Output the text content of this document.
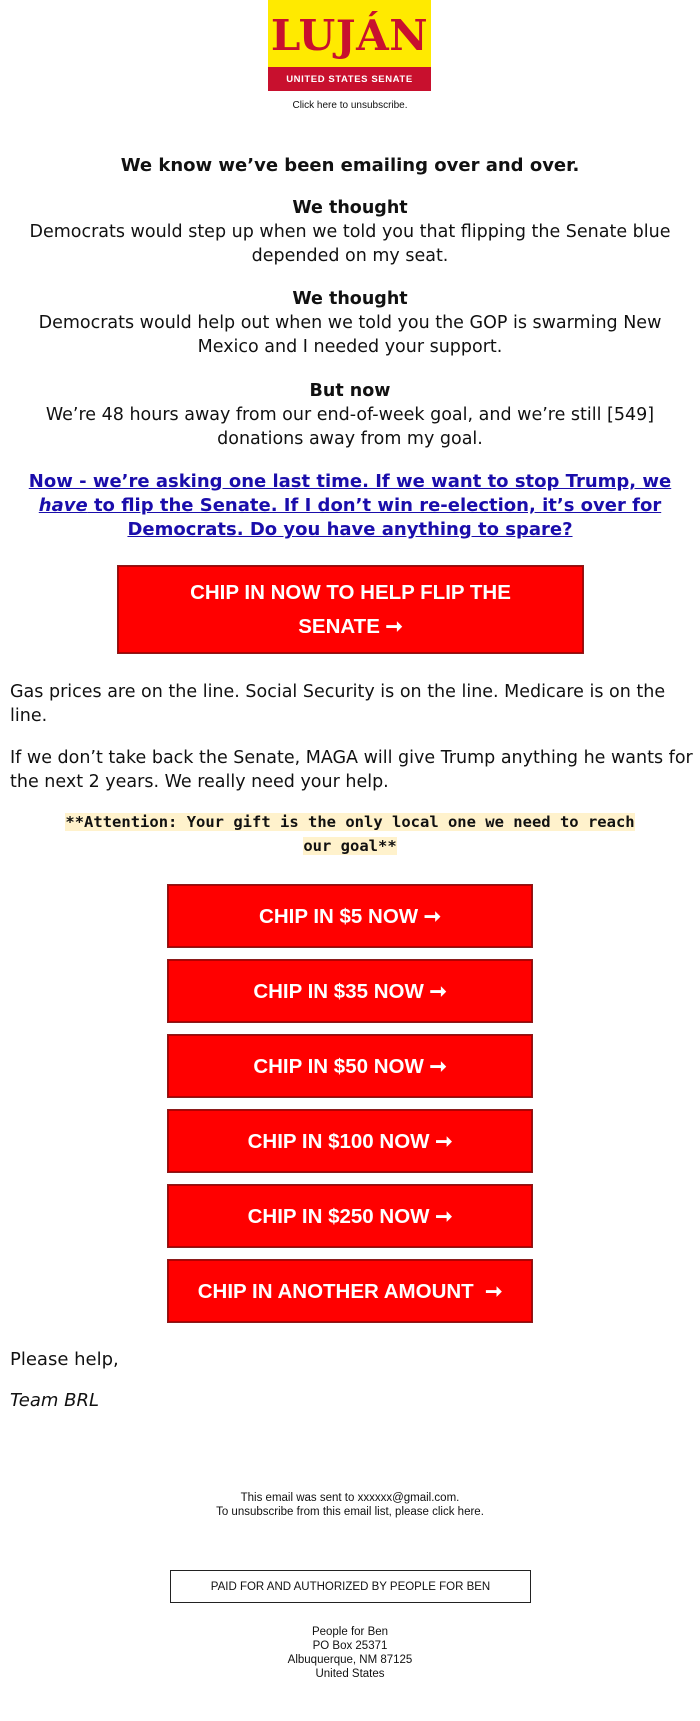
LUJÁN
UNITED STATES SENATE
Click here to unsubscribe.
We know we’ve been emailing over and over.
We thought
Democrats would step up when we told you that flipping the Senate blue depended on my seat.
We thought
Democrats would help out when we told you the GOP is swarming New Mexico and I needed your support.
But now
We’re 48 hours away from our end-of-week goal, and we’re still [549] donations away from my goal.
Now - we’re asking one last time. If we want to stop Trump, we have to flip the Senate. If I don’t win re-election, it’s over for Democrats. Do you have anything to spare?
CHIP IN NOW TO HELP FLIP THE SENATE ➞
Gas prices are on the line. Social Security is on the line. Medicare is on the line.
If we don’t take back the Senate, MAGA will give Trump anything he wants for the next 2 years. We really need your help.
**Attention: Your gift is the only local one we need to reach
our goal**
CHIP IN $5 NOW ➞
CHIP IN $35 NOW ➞
CHIP IN $50 NOW ➞
CHIP IN $100 NOW ➞
CHIP IN $250 NOW ➞
CHIP IN ANOTHER AMOUNT  ➞
Please help,
Team BRL
This email was sent to xxxxxx@gmail.com.
To unsubscribe from this email list, please click here.
PAID FOR AND AUTHORIZED BY PEOPLE FOR BEN
People for Ben
PO Box 25371
Albuquerque, NM 87125
United States
